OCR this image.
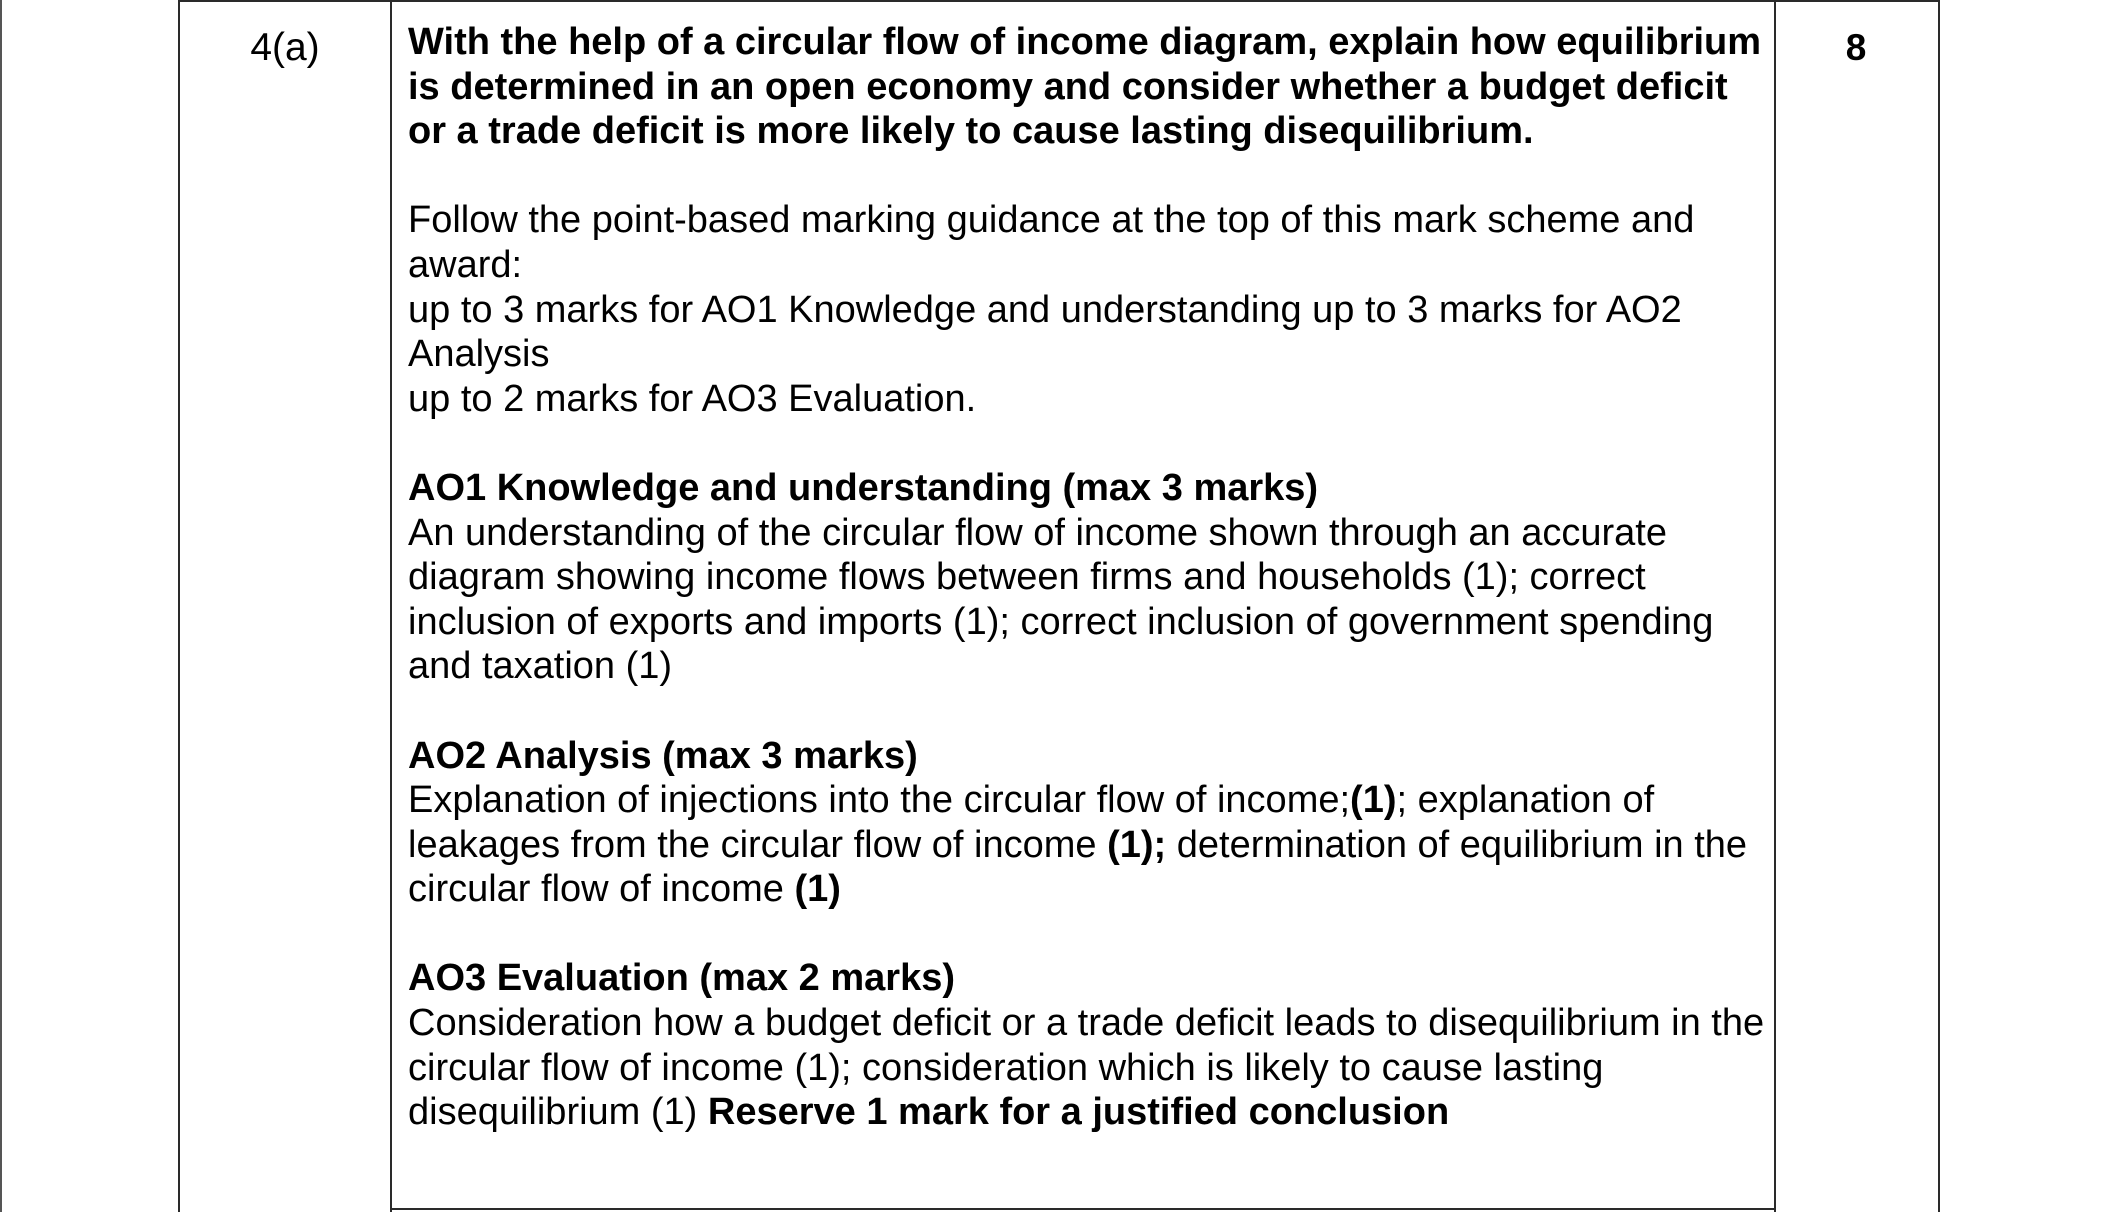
4(a)	8

With the help of a circular flow of income diagram, explain how equilibrium is determined in an open economy and consider whether a budget deficit or a trade deficit is more likely to cause lasting disequilibrium.

Follow the point-based marking guidance at the top of this mark scheme and award:

up to 3 marks for AO1 Knowledge and understanding up to 3 marks for AO2 Analysis

up to 2 marks for AO3 Evaluation.

AO1 Knowledge and understanding (max 3 marks)

An understanding of the circular flow of income shown through an accurate diagram showing income flows between firms and households (1); correct inclusion of exports and imports (1); correct inclusion of government spending and taxation (1)

AO2 Analysis (max 3 marks)

Explanation of injections into the circular flow of income;(1); explanation of leakages from the circular flow of income (1); determination of equilibrium in the circular flow of income (1)

AO3 Evaluation (max 2 marks)

Consideration how a budget deficit or a trade deficit leads to disequilibrium in the circular flow of income (1); consideration which is likely to cause lasting disequilibrium (1) Reserve 1 mark for a justified conclusion
